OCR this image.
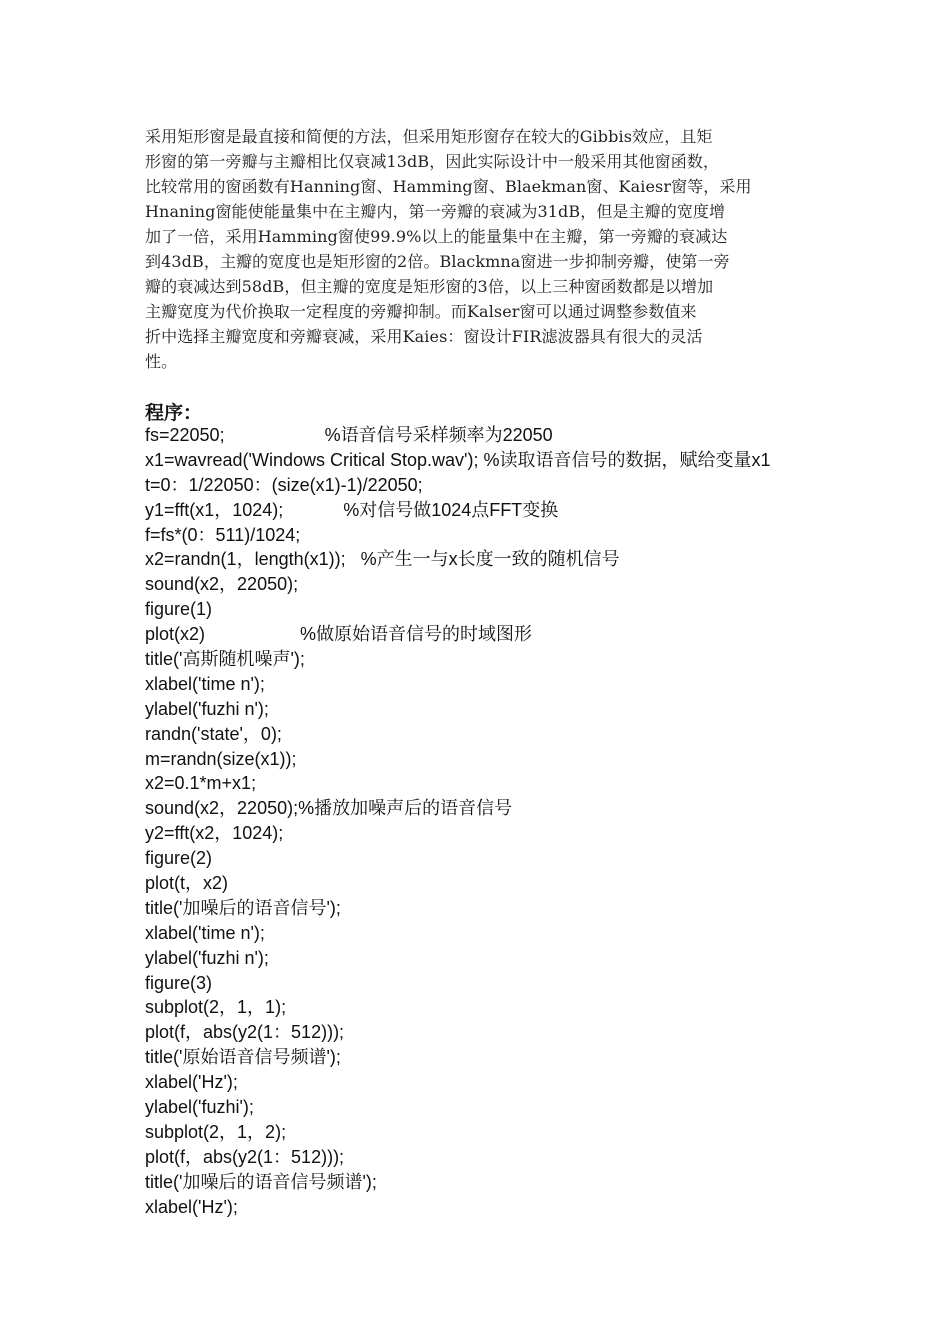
采用矩形窗是最直接和简便的方法，但采用矩形窗存在较大的Gibbis效应，且矩
形窗的第一旁瓣与主瓣相比仅衰减13dB，因此实际设计中一般采用其他窗函数，
比较常用的窗函数有Hanning窗、Hamming窗、Blaekman窗、Kaiesr窗等，采用
Hnaning窗能使能量集中在主瓣内，第一旁瓣的衰减为31dB，但是主瓣的宽度增
加了一倍，采用Hamming窗使99.9%以上的能量集中在主瓣，第一旁瓣的衰减达
到43dB，主瓣的宽度也是矩形窗的2倍。Blackmna窗进一步抑制旁瓣，使第一旁
瓣的衰减达到58dB，但主瓣的宽度是矩形窗的3倍，以上三种窗函数都是以增加
主瓣宽度为代价换取一定程度的旁瓣抑制。而Kalser窗可以通过调整参数值来
折中选择主瓣宽度和旁瓣衰减，采用Kaies：窗设计FIR滤波器具有很大的灵活
性。
程序：
fs=22050;                    %语音信号采样频率为22050
x1=wavread('Windows Critical Stop.wav'); %读取语音信号的数据，赋给变量x1
t=0：1/22050：(size(x1)-1)/22050;
y1=fft(x1，1024);            %对信号做1024点FFT变换
f=fs*(0：511)/1024;
x2=randn(1，length(x1));   %产生一与x长度一致的随机信号
sound(x2，22050);
figure(1)
plot(x2)                   %做原始语音信号的时域图形
title('高斯随机噪声');
xlabel('time n');
ylabel('fuzhi n');
randn('state'，0);
m=randn(size(x1));
x2=0.1*m+x1;
sound(x2，22050);%播放加噪声后的语音信号
y2=fft(x2，1024);
figure(2)
plot(t，x2)
title('加噪后的语音信号');
xlabel('time n');
ylabel('fuzhi n');
figure(3)
subplot(2，1，1);
plot(f，abs(y2(1：512)));
title('原始语音信号频谱');
xlabel('Hz');
ylabel('fuzhi');
subplot(2，1，2);
plot(f，abs(y2(1：512)));
title('加噪后的语音信号频谱');
xlabel('Hz');
